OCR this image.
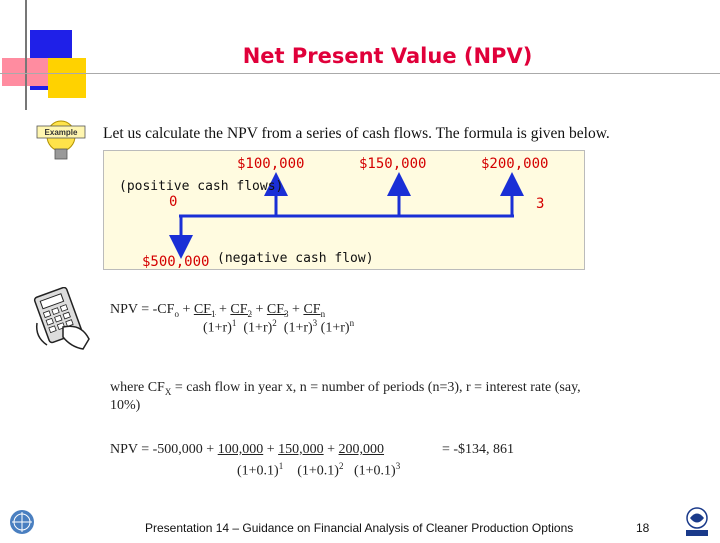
Net Present Value (NPV)
Example	Let us calculate the NPV from a series of cash flows. The formula is given below.
$100,000	$150,000	$200,000
(positive cash flows)
0	3
$500,000 (negative cash flow)
NPV = $-CF_o + CF_1 + CF_2 + CF_3 + CF_n$
$(1+r)^1$ $(1+r)^2$ $(1+r)^3$ $(1+r)^n$
where $CF_X$ = cash flow in year x, n = number of periods (n=3), r = interest rate (say,
10%)
NPV = -500,000 + 100,000 + 150,000 + 200,000	= -$134, 861
$(1+0.1)^1$ $(1+0.1)^2$ $(1+0.1)^3$
Presentation 14 – Guidance on Financial Analysis of Cleaner Production Options	18
